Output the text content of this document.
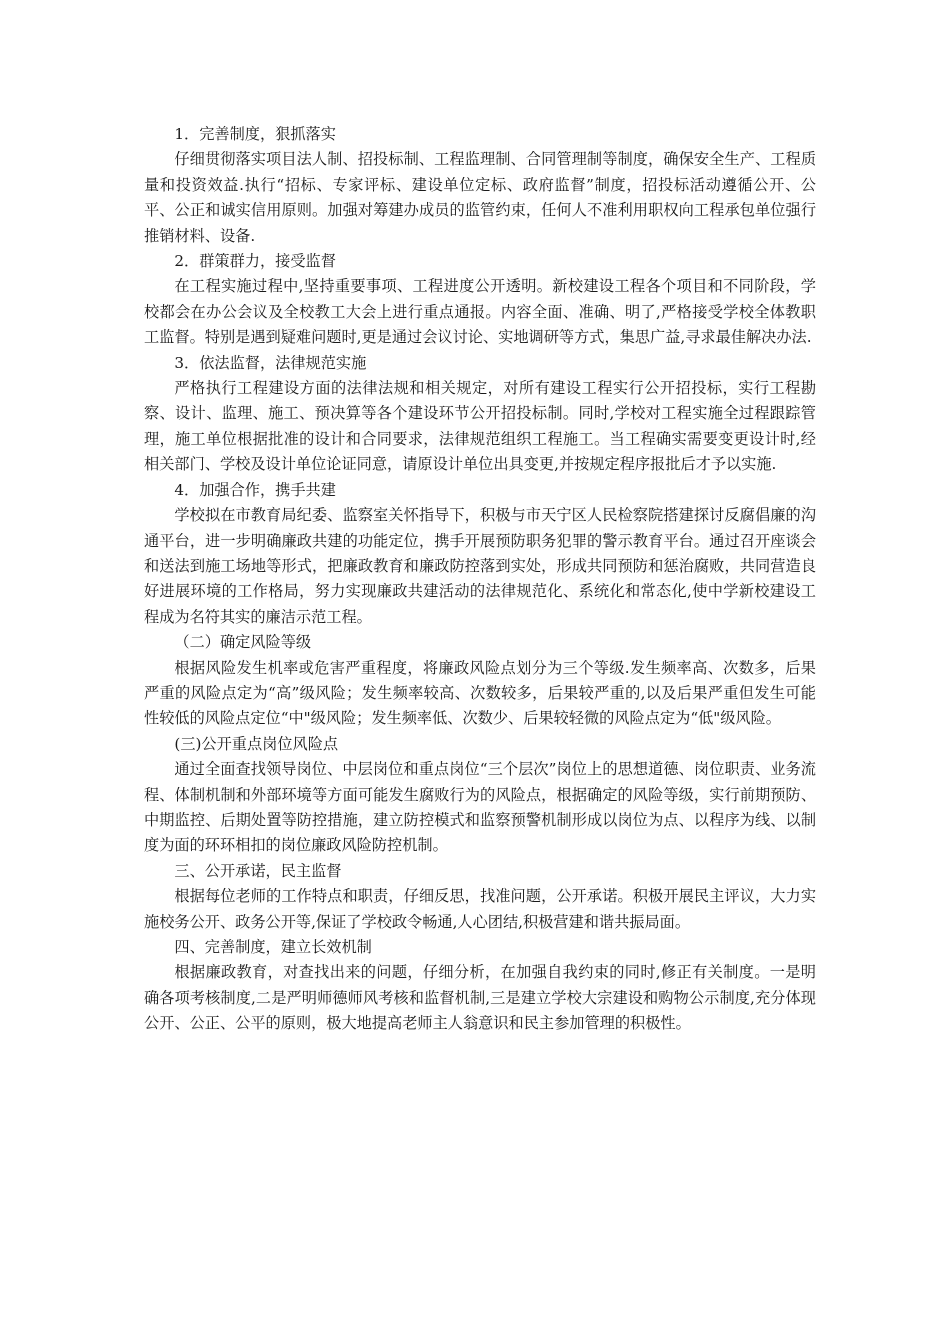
1．完善制度，狠抓落实

仔细贯彻落实项目法人制、招投标制、工程监理制、合同管理制等制度，确保安全生产、工程质量和投资效益.执行“招标、专家评标、建设单位定标、政府监督”制度，招投标活动遵循公开、公平、公正和诚实信用原则。加强对筹建办成员的监管约束，任何人不准利用职权向工程承包单位强行推销材料、设备.

2．群策群力，接受监督

在工程实施过程中,坚持重要事项、工程进度公开透明。新校建设工程各个项目和不同阶段，学校都会在办公会议及全校教工大会上进行重点通报。内容全面、准确、明了,严格接受学校全体教职工监督。特别是遇到疑难问题时,更是通过会议讨论、实地调研等方式，集思广益,寻求最佳解决办法.

3．依法监督，法律规范实施

严格执行工程建设方面的法律法规和相关规定，对所有建设工程实行公开招投标，实行工程勘察、设计、监理、施工、预决算等各个建设环节公开招投标制。同时,学校对工程实施全过程跟踪管理，施工单位根据批准的设计和合同要求，法律规范组织工程施工。当工程确实需要变更设计时,经相关部门、学校及设计单位论证同意，请原设计单位出具变更,并按规定程序报批后才予以实施.

4．加强合作，携手共建

学校拟在市教育局纪委、监察室关怀指导下，积极与市天宁区人民检察院搭建探讨反腐倡廉的沟通平台，进一步明确廉政共建的功能定位，携手开展预防职务犯罪的警示教育平台。通过召开座谈会和送法到施工场地等形式，把廉政教育和廉政防控落到实处，形成共同预防和惩治腐败，共同营造良好进展环境的工作格局，努力实现廉政共建活动的法律规范化、系统化和常态化,使中学新校建设工程成为名符其实的廉洁示范工程。

（二）确定风险等级

根据风险发生机率或危害严重程度，将廉政风险点划分为三个等级.发生频率高、次数多，后果严重的风险点定为“高”级风险；发生频率较高、次数较多，后果较严重的,以及后果严重但发生可能性较低的风险点定位“中"级风险；发生频率低、次数少、后果较轻微的风险点定为“低"级风险。

(三)公开重点岗位风险点

通过全面查找领导岗位、中层岗位和重点岗位“三个层次”岗位上的思想道德、岗位职责、业务流程、体制机制和外部环境等方面可能发生腐败行为的风险点，根据确定的风险等级，实行前期预防、中期监控、后期处置等防控措施，建立防控模式和监察预警机制形成以岗位为点、以程序为线、以制度为面的环环相扣的岗位廉政风险防控机制。

三、公开承诺，民主监督

根据每位老师的工作特点和职责，仔细反思，找准问题，公开承诺。积极开展民主评议，大力实施校务公开、政务公开等,保证了学校政令畅通,人心团结,积极营建和谐共振局面。

四、完善制度，建立长效机制

根据廉政教育，对查找出来的问题，仔细分析，在加强自我约束的同时,修正有关制度。一是明确各项考核制度,二是严明师德师风考核和监督机制,三是建立学校大宗建设和购物公示制度,充分体现公开、公正、公平的原则，极大地提高老师主人翁意识和民主参加管理的积极性。
